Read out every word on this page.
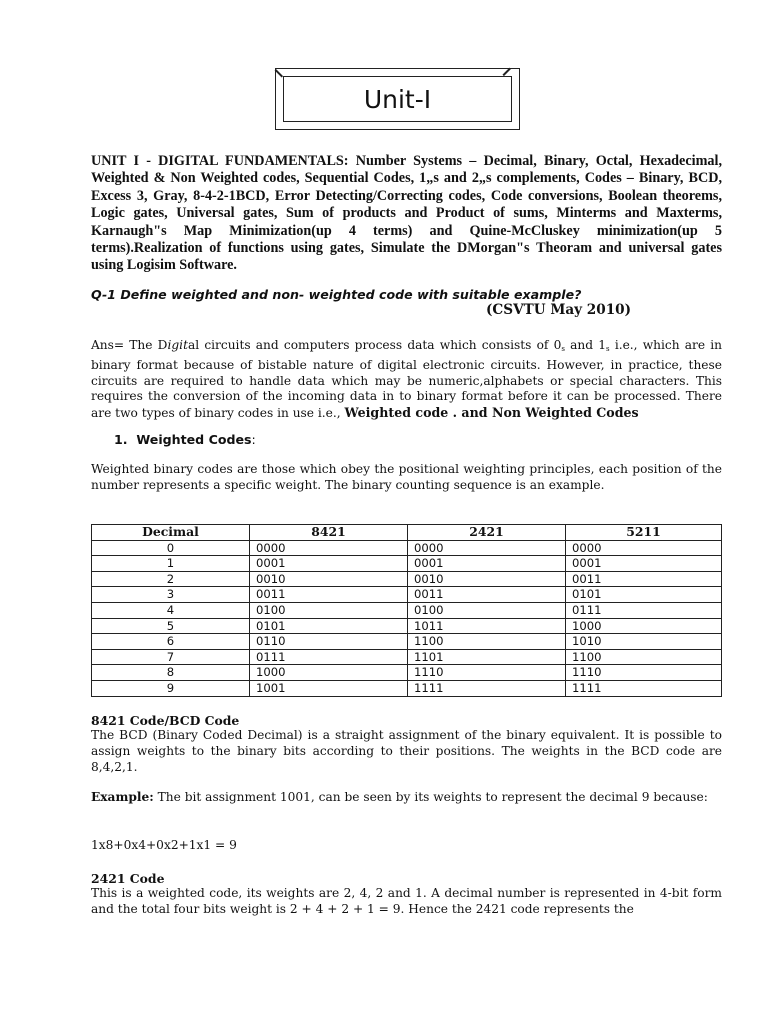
Unit-I
UNIT I - DIGITAL FUNDAMENTALS: Number Systems – Decimal, Binary, Octal, Hexadecimal, Weighted & Non Weighted codes, Sequential Codes, 1„s and 2„s complements, Codes – Binary, BCD, Excess 3, Gray, 8-4-2-1BCD, Error Detecting/Correcting codes, Code conversions, Boolean theorems, Logic gates, Universal gates, Sum of products and Product of sums, Minterms and Maxterms, Karnaugh"s Map Minimization(up 4 terms) and Quine-McCluskey minimization(up 5 terms).Realization of functions using gates, Simulate the DMorgan"s Theoram and universal gates using Logisim Software.
Q-1 Define weighted and non- weighted code with suitable example?
(CSVTU May 2010)
Ans= The Digital circuits and computers process data which consists of $0_s$ and $1_s$ i.e., which are in binary format because of bistable nature of digital electronic circuits. However, in practice, these circuits are required to handle data which may be numeric,alphabets or special characters. This requires the conversion of the incoming data in to binary format before it can be processed. There are two types of binary codes in use i.e., Weighted code . and Non Weighted Codes
1. Weighted Codes:
Weighted binary codes are those which obey the positional weighting principles, each position of the number represents a specific weight. The binary counting sequence is an example.
Decimal	8421	2421	5211
0	0000	0000	0000
1	0001	0001	0001
2	0010	0010	0011
3	0011	0011	0101
4	0100	0100	0111
5	0101	1011	1000
6	0110	1100	1010
7	0111	1101	1100
8	1000	1110	1110
9	1001	1111	1111
8421 Code/BCD Code
The BCD (Binary Coded Decimal) is a straight assignment of the binary equivalent. It is possible to assign weights to the binary bits according to their positions. The weights in the BCD code are 8,4,2,1.
Example: The bit assignment 1001, can be seen by its weights to represent the decimal 9 because:
1x8+0x4+0x2+1x1 = 9
2421 Code
This is a weighted code, its weights are 2, 4, 2 and 1. A decimal number is represented in 4-bit form and the total four bits weight is 2 + 4 + 2 + 1 = 9. Hence the 2421 code represents the
